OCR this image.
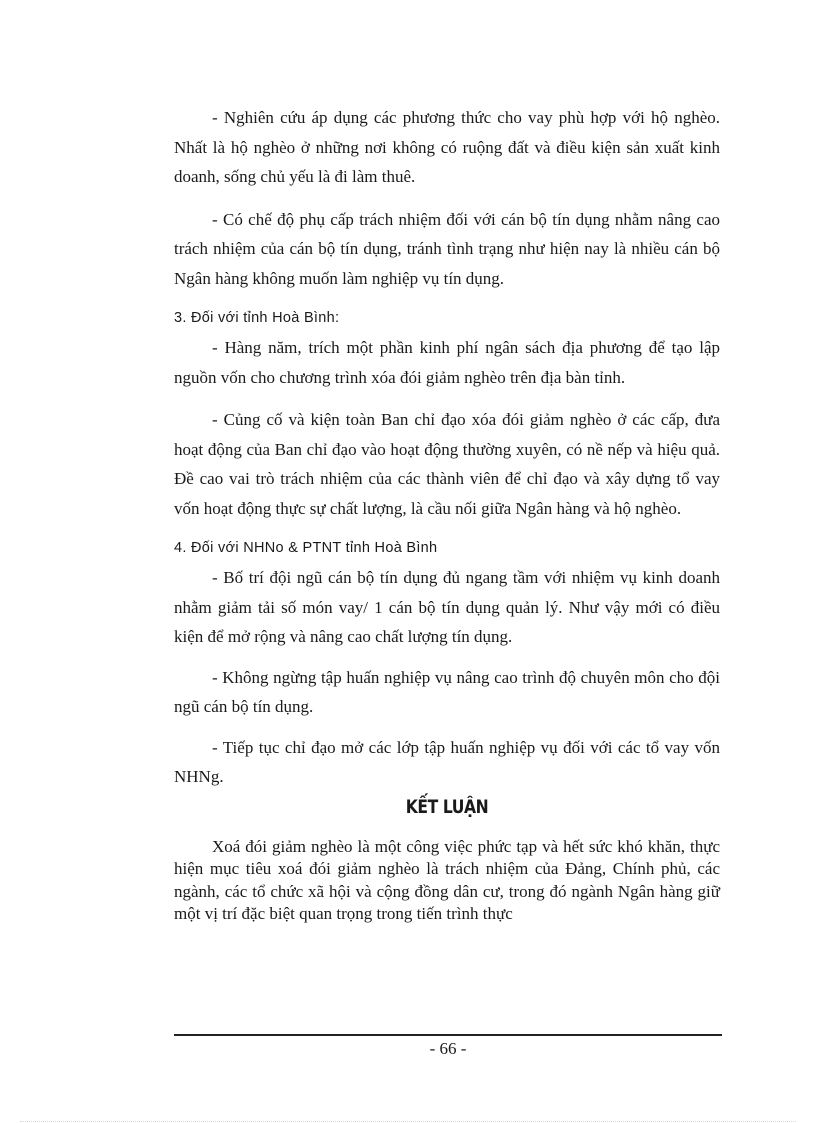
- Nghiên cứu áp dụng các phương thức cho vay phù hợp với hộ nghèo. Nhất là hộ nghèo ở những nơi không có ruộng đất và điều kiện sản xuất kinh doanh, sống chủ yếu là đi làm thuê.

- Có chế độ phụ cấp trách nhiệm đối với cán bộ tín dụng nhằm nâng cao trách nhiệm của cán bộ tín dụng, tránh tình trạng như hiện nay là nhiều cán bộ Ngân hàng không muốn làm nghiệp vụ tín dụng.

3. Đối với tỉnh Hoà Bình:

- Hàng năm, trích một phần kinh phí ngân sách địa phương để tạo lập nguồn vốn cho chương trình xóa đói giảm nghèo trên địa bàn tỉnh.

- Củng cố và kiện toàn Ban chỉ đạo xóa đói giảm nghèo ở các cấp, đưa hoạt động của Ban chỉ đạo vào hoạt động thường xuyên, có nề nếp và hiệu quả. Đề cao vai trò trách nhiệm của các thành viên để chỉ đạo và xây dựng tổ vay vốn hoạt động thực sự chất lượng, là cầu nối giữa Ngân hàng và hộ nghèo.

4. Đối với NHNo & PTNT tỉnh Hoà Bình

- Bố trí đội ngũ cán bộ tín dụng đủ ngang tầm với nhiệm vụ kinh doanh nhằm giảm tải số món vay/ 1 cán bộ tín dụng quản lý. Như vậy mới có điều kiện để mở rộng và nâng cao chất lượng tín dụng.

- Không ngừng tập huấn nghiệp vụ nâng cao trình độ chuyên môn cho đội ngũ cán bộ tín dụng.

- Tiếp tục chỉ đạo mở các lớp tập huấn nghiệp vụ đối với các tổ vay vốn NHNg.

KẾT LUẬN

Xoá đói giảm nghèo là một công việc phức tạp và hết sức khó khăn, thực hiện mục tiêu xoá đói giảm nghèo là trách nhiệm của Đảng, Chính phủ, các ngành, các tổ chức xã hội và cộng đồng dân cư, trong đó ngành Ngân hàng giữ một vị trí đặc biệt quan trọng trong tiến trình thực

- 66 -
